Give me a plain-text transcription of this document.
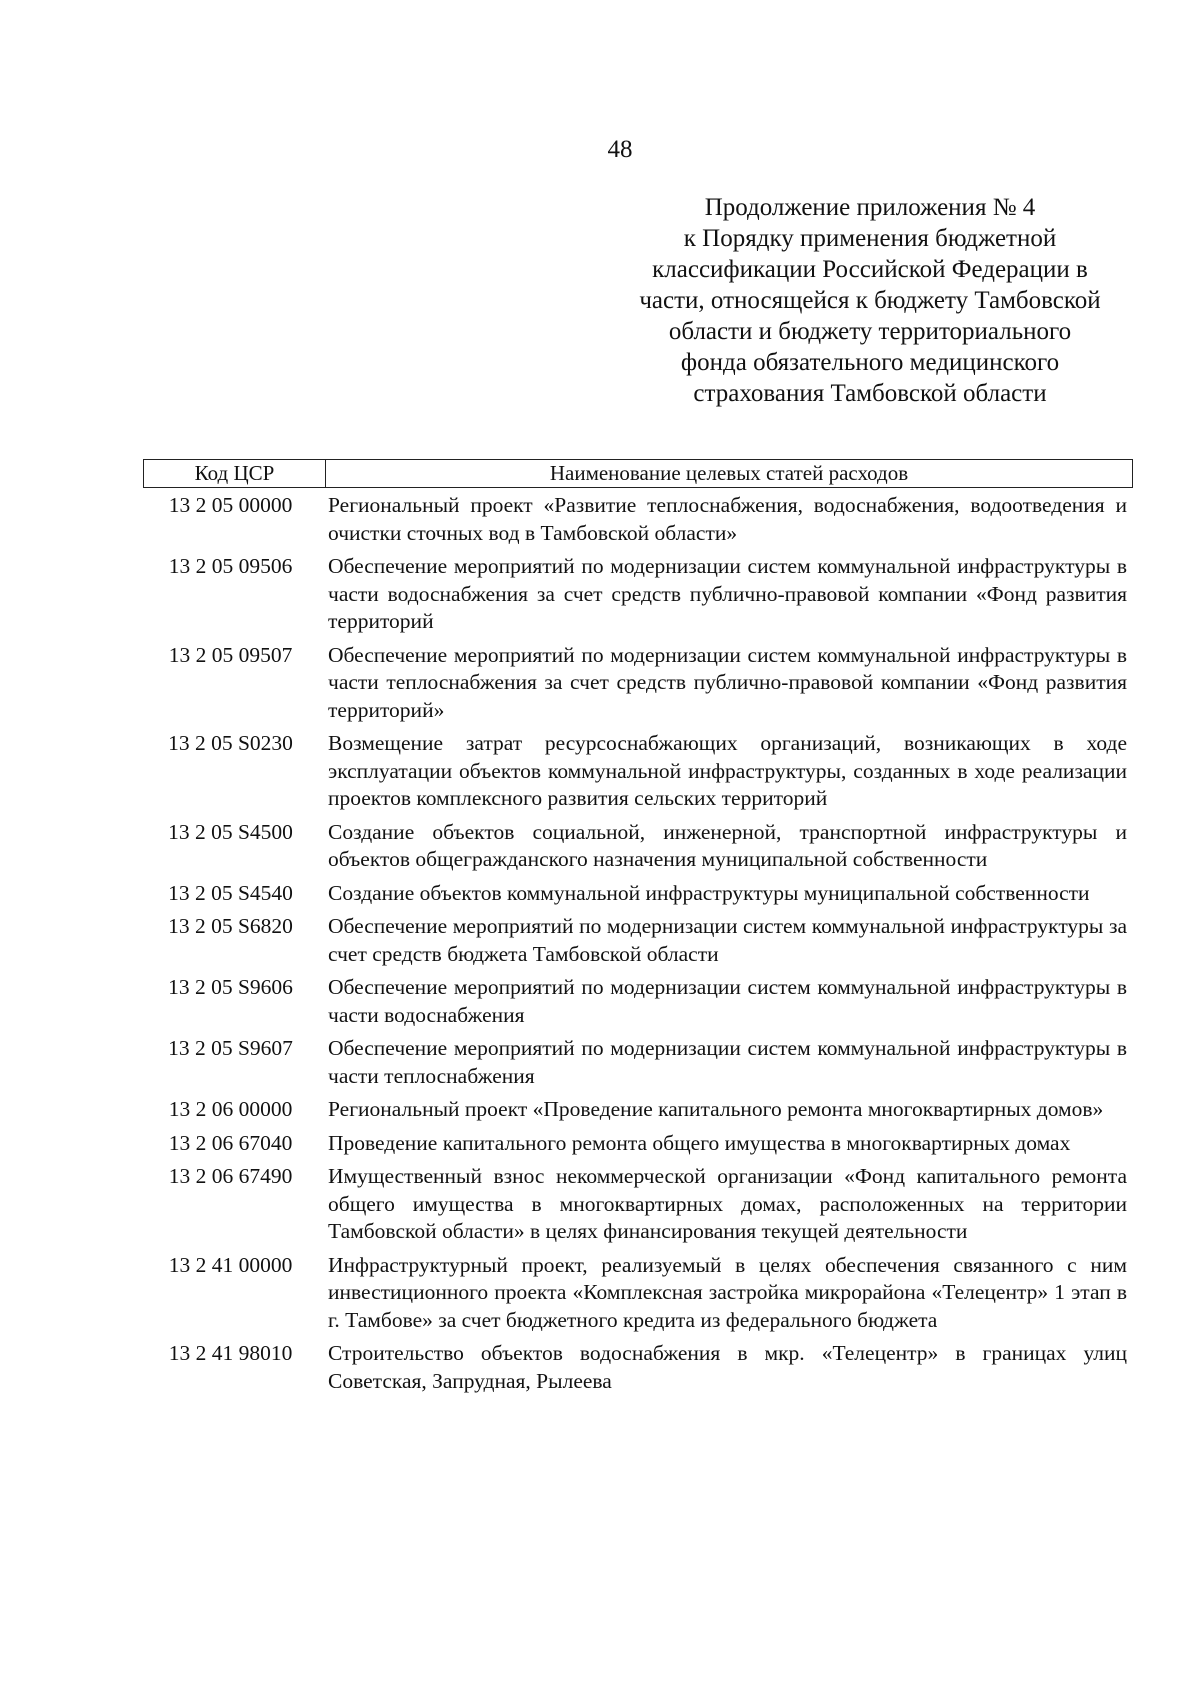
48
Продолжение приложения № 4
к Порядку применения бюджетной
классификации Российской Федерации в
части, относящейся к бюджету Тамбовской
области и бюджету территориального
фонда обязательного медицинского
страхования Тамбовской области
Код ЦСР	Наименование целевых статей расходов
13 2 05 00000	Региональный проект «Развитие теплоснабжения, водоснабжения, водоотведения и очистки сточных вод в Тамбовской области»
13 2 05 09506	Обеспечение мероприятий по модернизации систем коммунальной инфраструктуры в части водоснабжения за счет средств публично-правовой компании «Фонд развития территорий
13 2 05 09507	Обеспечение мероприятий по модернизации систем коммунальной инфраструктуры в части теплоснабжения за счет средств публично-правовой компании «Фонд развития территорий»
13 2 05 S0230	Возмещение затрат ресурсоснабжающих организаций, возникающих в ходе эксплуатации объектов коммунальной инфраструктуры, созданных в ходе реализации проектов комплексного развития сельских территорий
13 2 05 S4500	Создание объектов социальной, инженерной, транспортной инфраструктуры и объектов общегражданского назначения муниципальной собственности
13 2 05 S4540	Создание объектов коммунальной инфраструктуры муниципальной собственности
13 2 05 S6820	Обеспечение мероприятий по модернизации систем коммунальной инфраструктуры за счет средств бюджета Тамбовской области
13 2 05 S9606	Обеспечение мероприятий по модернизации систем коммунальной инфраструктуры в части водоснабжения
13 2 05 S9607	Обеспечение мероприятий по модернизации систем коммунальной инфраструктуры в части теплоснабжения
13 2 06 00000	Региональный проект «Проведение капитального ремонта многоквартирных домов»
13 2 06 67040	Проведение капитального ремонта общего имущества в многоквартирных домах
13 2 06 67490	Имущественный взнос некоммерческой организации «Фонд капитального ремонта общего имущества в многоквартирных домах, расположенных на территории Тамбовской области» в целях финансирования текущей деятельности
13 2 41 00000	Инфраструктурный проект, реализуемый в целях обеспечения связанного с ним инвестиционного проекта «Комплексная застройка микрорайона «Телецентр» 1 этап в г. Тамбове» за счет бюджетного кредита из федерального бюджета
13 2 41 98010	Строительство объектов водоснабжения в мкр. «Телецентр» в границах улиц Советская, Запрудная, Рылеева
